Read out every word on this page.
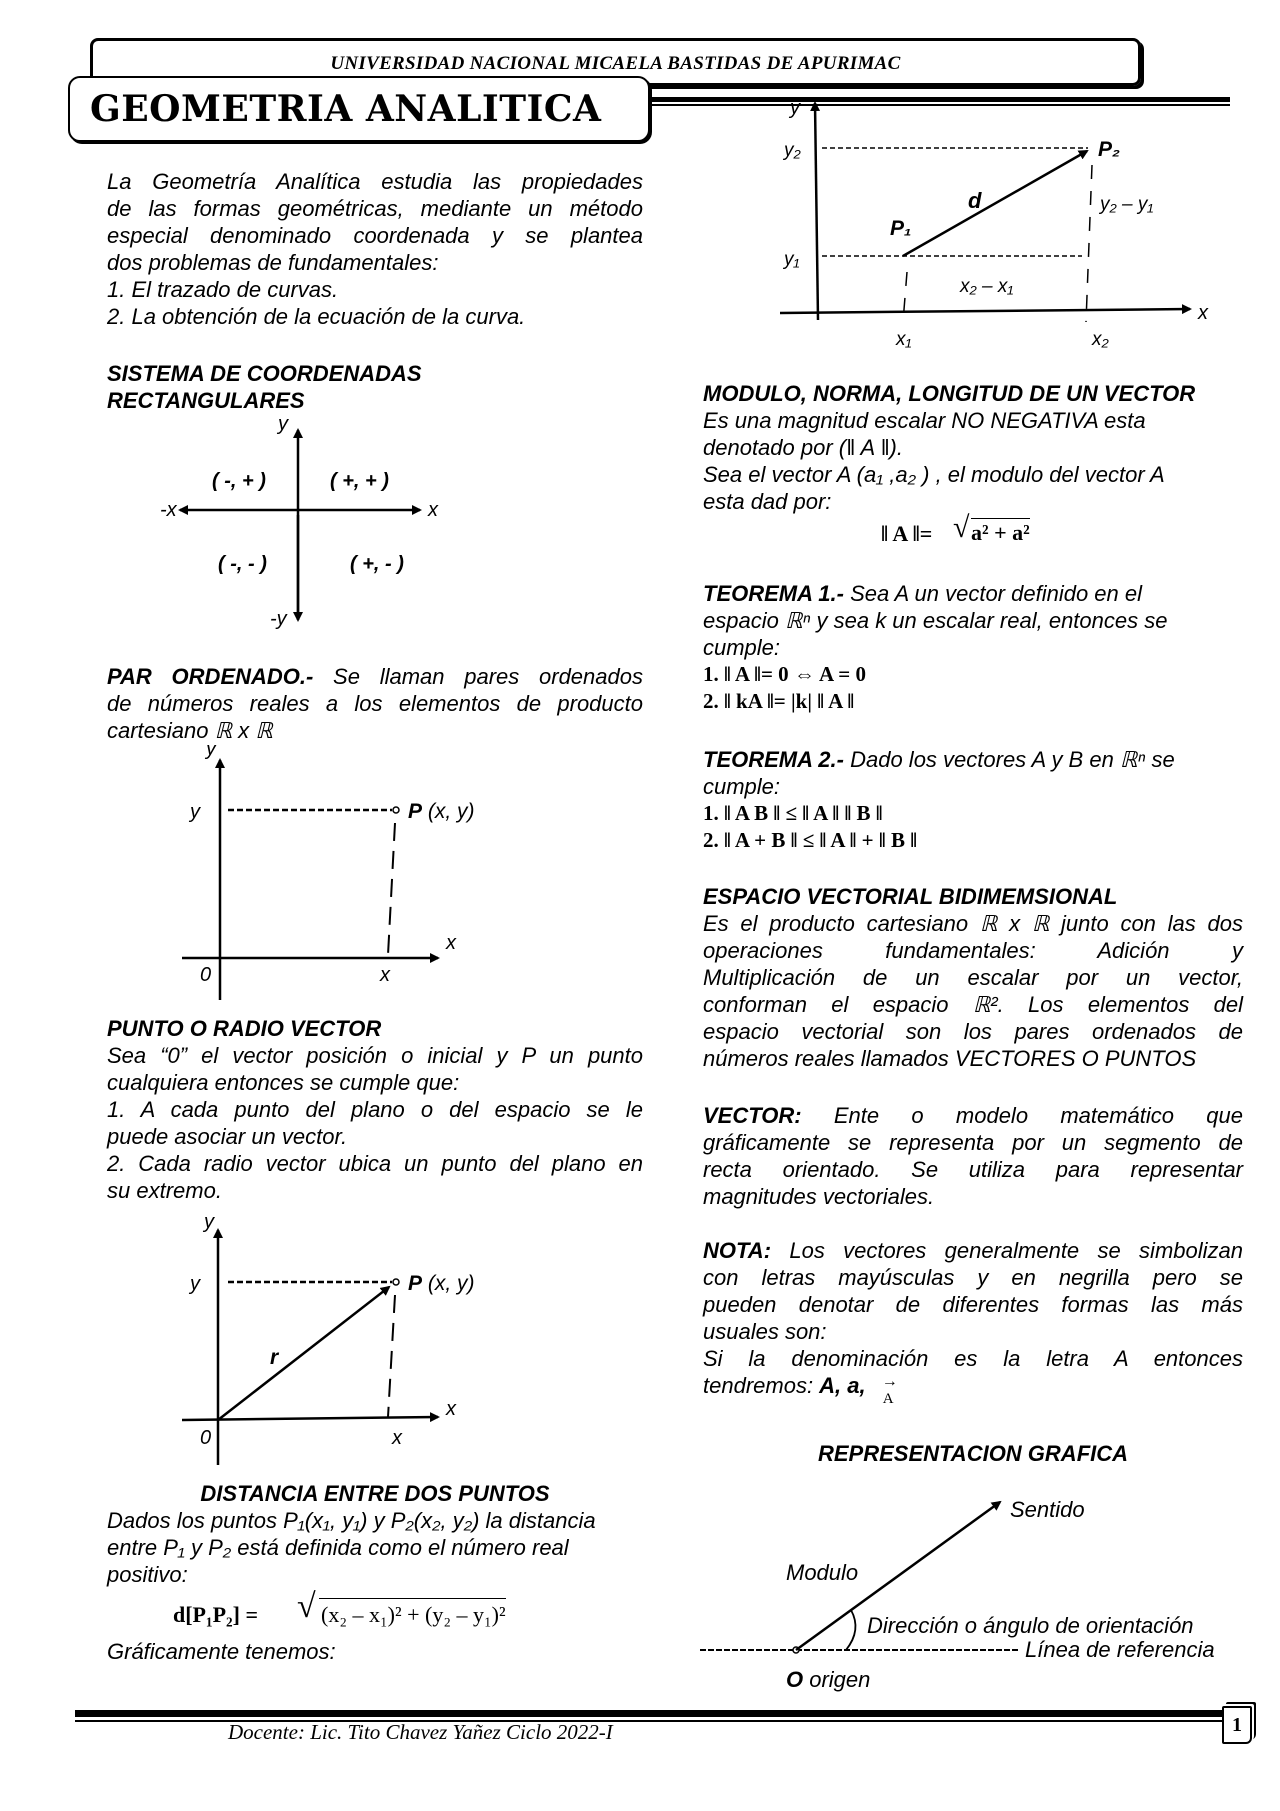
UNIVERSIDAD NACIONAL MICAELA BASTIDAS DE APURIMAC
GEOMETRIA ANALITICA
La Geometría Analítica estudia las propiedades
de las formas geométricas, mediante un método
especial denominado coordenada y se plantea
dos problemas de fundamentales:
1. El trazado de curvas.
2. La obtención de la ecuación de la curva.
SISTEMA DE COORDENADAS
RECTANGULARES
y
-y
x
-x
( -, + )	( +, + )
( -, - )	( +, - )
PAR ORDENADO.- Se llaman pares ordenados
de números reales a los elementos de producto
cartesiano ℝ x ℝ
y
y
x
x
0
P (x, y)
PUNTO O RADIO VECTOR
Sea “0” el vector posición o inicial y P un punto
cualquiera entonces se cumple que:
1. A cada punto del plano o del espacio se le
puede asociar un vector.
2. Cada radio vector ubica un punto del plano en
su extremo.
y
y
x
x
0
r
P (x, y)
DISTANCIA ENTRE DOS PUNTOS
Dados los puntos P₁(x₁, y₁) y P₂(x₂, y₂) la distancia
entre P₁ y P₂ está definida como el número real
positivo:
d[P₁P₂] = √ (x₂ – x₁)² + (y₂ – y₁)²
Gráficamente tenemos:
y
y₂
y₁
x
x₁	x₂
P₁
P₂
d
x₂ – x₁
y₂ – y₁
MODULO, NORMA, LONGITUD DE UN VECTOR
Es una magnitud escalar NO NEGATIVA esta
denotado por (‖ A ‖).
Sea el vector A (a₁ ,a₂ ) , el modulo del vector A
esta dad por:
‖ A ‖= √ a² + a²
TEOREMA 1.- Sea A un vector definido en el
espacio ℝⁿ y sea k un escalar real, entonces se
cumple:
1. ‖ A ‖= 0 ⇔ A = 0
2. ‖ kA ‖= |k| ‖ A ‖
TEOREMA 2.- Dado los vectores A y B en ℝⁿ se
cumple:
1. ‖ A B ‖ ≤ ‖ A ‖ ‖ B ‖
2. ‖ A + B ‖ ≤ ‖ A ‖ + ‖ B ‖
ESPACIO VECTORIAL BIDIMEMSIONAL
Es el producto cartesiano ℝ x ℝ junto con las dos
operaciones fundamentales: Adición y
Multiplicación de un escalar por un vector,
conforman el espacio ℝ². Los elementos del
espacio vectorial son los pares ordenados de
números reales llamados VECTORES O PUNTOS
VECTOR: Ente o modelo matemático que
gráficamente se representa por un segmento de
recta orientado. Se utiliza para representar
magnitudes vectoriales.
NOTA: Los vectores generalmente se simbolizan
con letras mayúsculas y en negrilla pero se
pueden denotar de diferentes formas las más
usuales son:
Si la denominación es la letra A entonces
tendremos: A, a, →
A
REPRESENTACION GRAFICA
Sentido
Modulo
Dirección o ángulo de orientación
Línea de referencia
O origen
Docente: Lic. Tito Chavez Yañez Ciclo 2022-I	1
